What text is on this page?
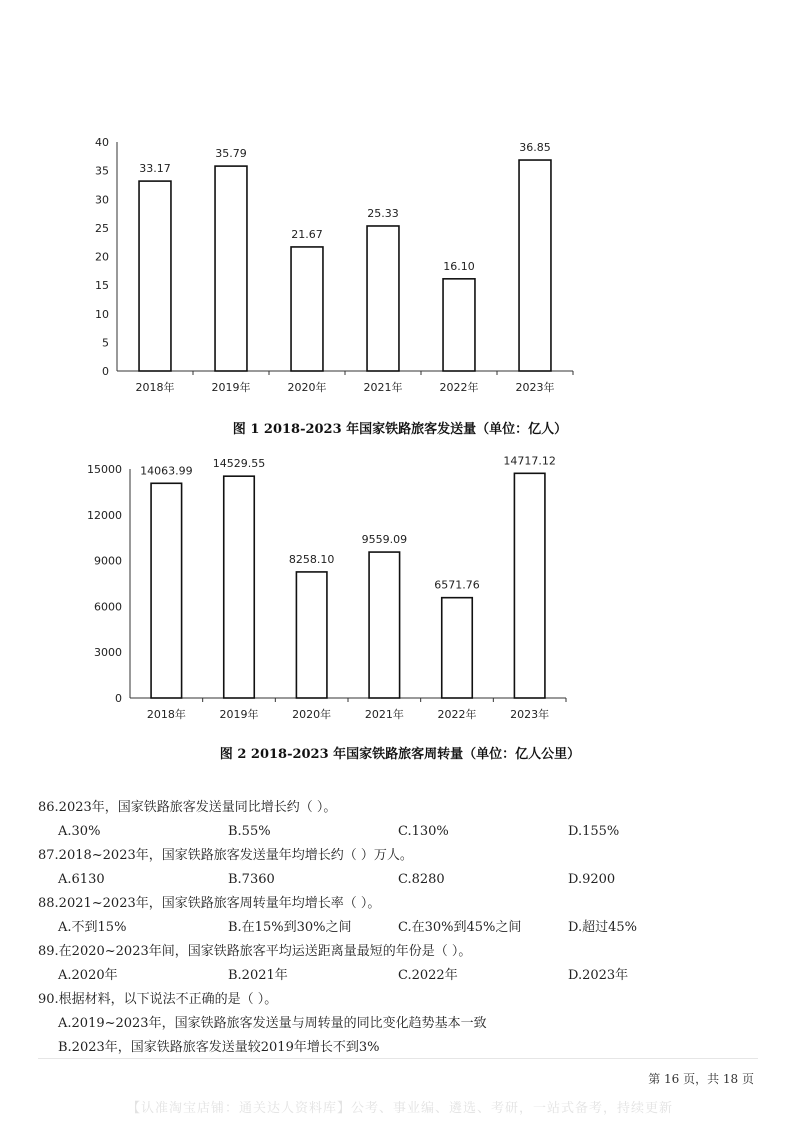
0
5
10
15
20
25
30
35
40
33.17
2018年
35.79
2019年
21.67
2020年
25.33
2021年
16.10
2022年
36.85
2023年
图 1 2018-2023 年国家铁路旅客发送量（单位：亿人）
0
3000
6000
9000
12000
15000 14063.99
2018年
14529.55
2019年
8258.10
2020年
9559.09
2021年
6571.76
2022年
14717.12
2023年
图 2 2018-2023 年国家铁路旅客周转量（单位：亿人公里）
86.2023年，国家铁路旅客发送量同比增长约（ ）。
A.30%	B.55%	C.130%	D.155%
87.2018~2023年，国家铁路旅客发送量年均增长约（ ）万人。
A.6130	B.7360	C.8280	D.9200
88.2021~2023年，国家铁路旅客周转量年均增长率（ ）。
A.不到15%	B.在15%到30%之间	C.在30%到45%之间	D.超过45%
89.在2020~2023年间，国家铁路旅客平均运送距离量最短的年份是（ ）。
A.2020年	B.2021年	C.2022年	D.2023年
90.根据材料，以下说法不正确的是（ ）。
A.2019~2023年，国家铁路旅客发送量与周转量的同比变化趋势基本一致
B.2023年，国家铁路旅客发送量较2019年增长不到3%
第 16 页，共 18 页
【认准淘宝店铺：通关达人资料库】公考、事业编、遴选、考研，一站式备考，持续更新
